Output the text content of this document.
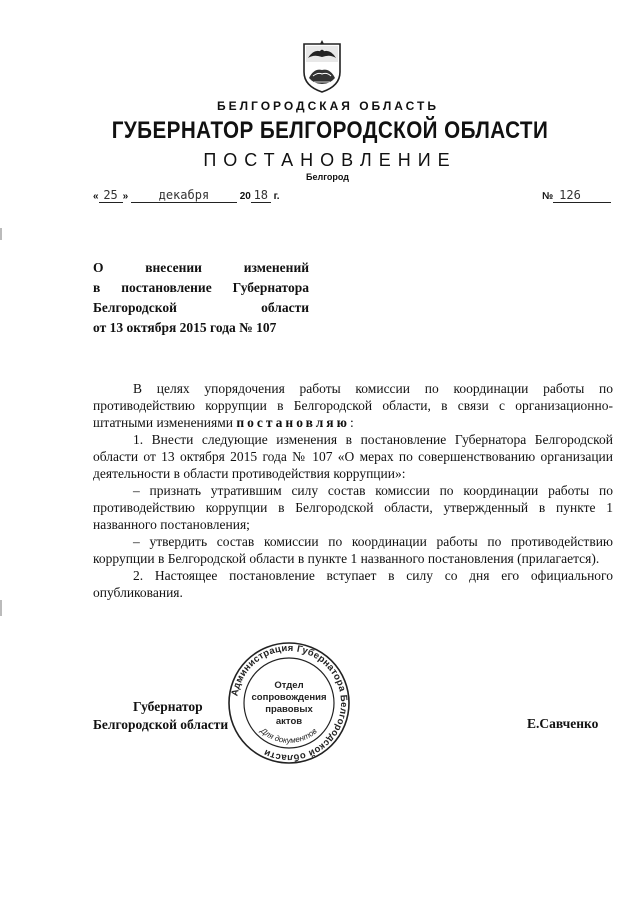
БЕЛГОРОДСКАЯ ОБЛАСТЬ
ГУБЕРНАТОР БЕЛГОРОДСКОЙ ОБЛАСТИ
ПОСТАНОВЛЕНИЕ
Белгород
« 25 »	декабря	20 18 г.	№ 126
О внесении изменений
в постановление Губернатора
Белгородской области
от 13 октября 2015 года № 107

В целях упорядочения работы комиссии по координации работы по противодействию коррупции в Белгородской области, в связи с организационно-штатными изменениями постановляю:

1. Внести следующие изменения в постановление Губернатора Белгородской области от 13 октября 2015 года № 107 «О мерах по совершенствованию организации деятельности в области противодействия коррупции»:

– признать утратившим силу состав комиссии по координации работы по противодействию коррупции в Белгородской области, утвержденный в пункте 1 названного постановления;

– утвердить состав комиссии по координации работы по противодействию коррупции в Белгородской области в пункте 1 названного постановления (прилагается).

2. Настоящее постановление вступает в силу со дня его официального опубликования.

Губернатор
Белгородской области	Е.Савченко
Администрация Губернатора Белгородской области
Отдел
сопровождения
правовых
актов
Для документов
